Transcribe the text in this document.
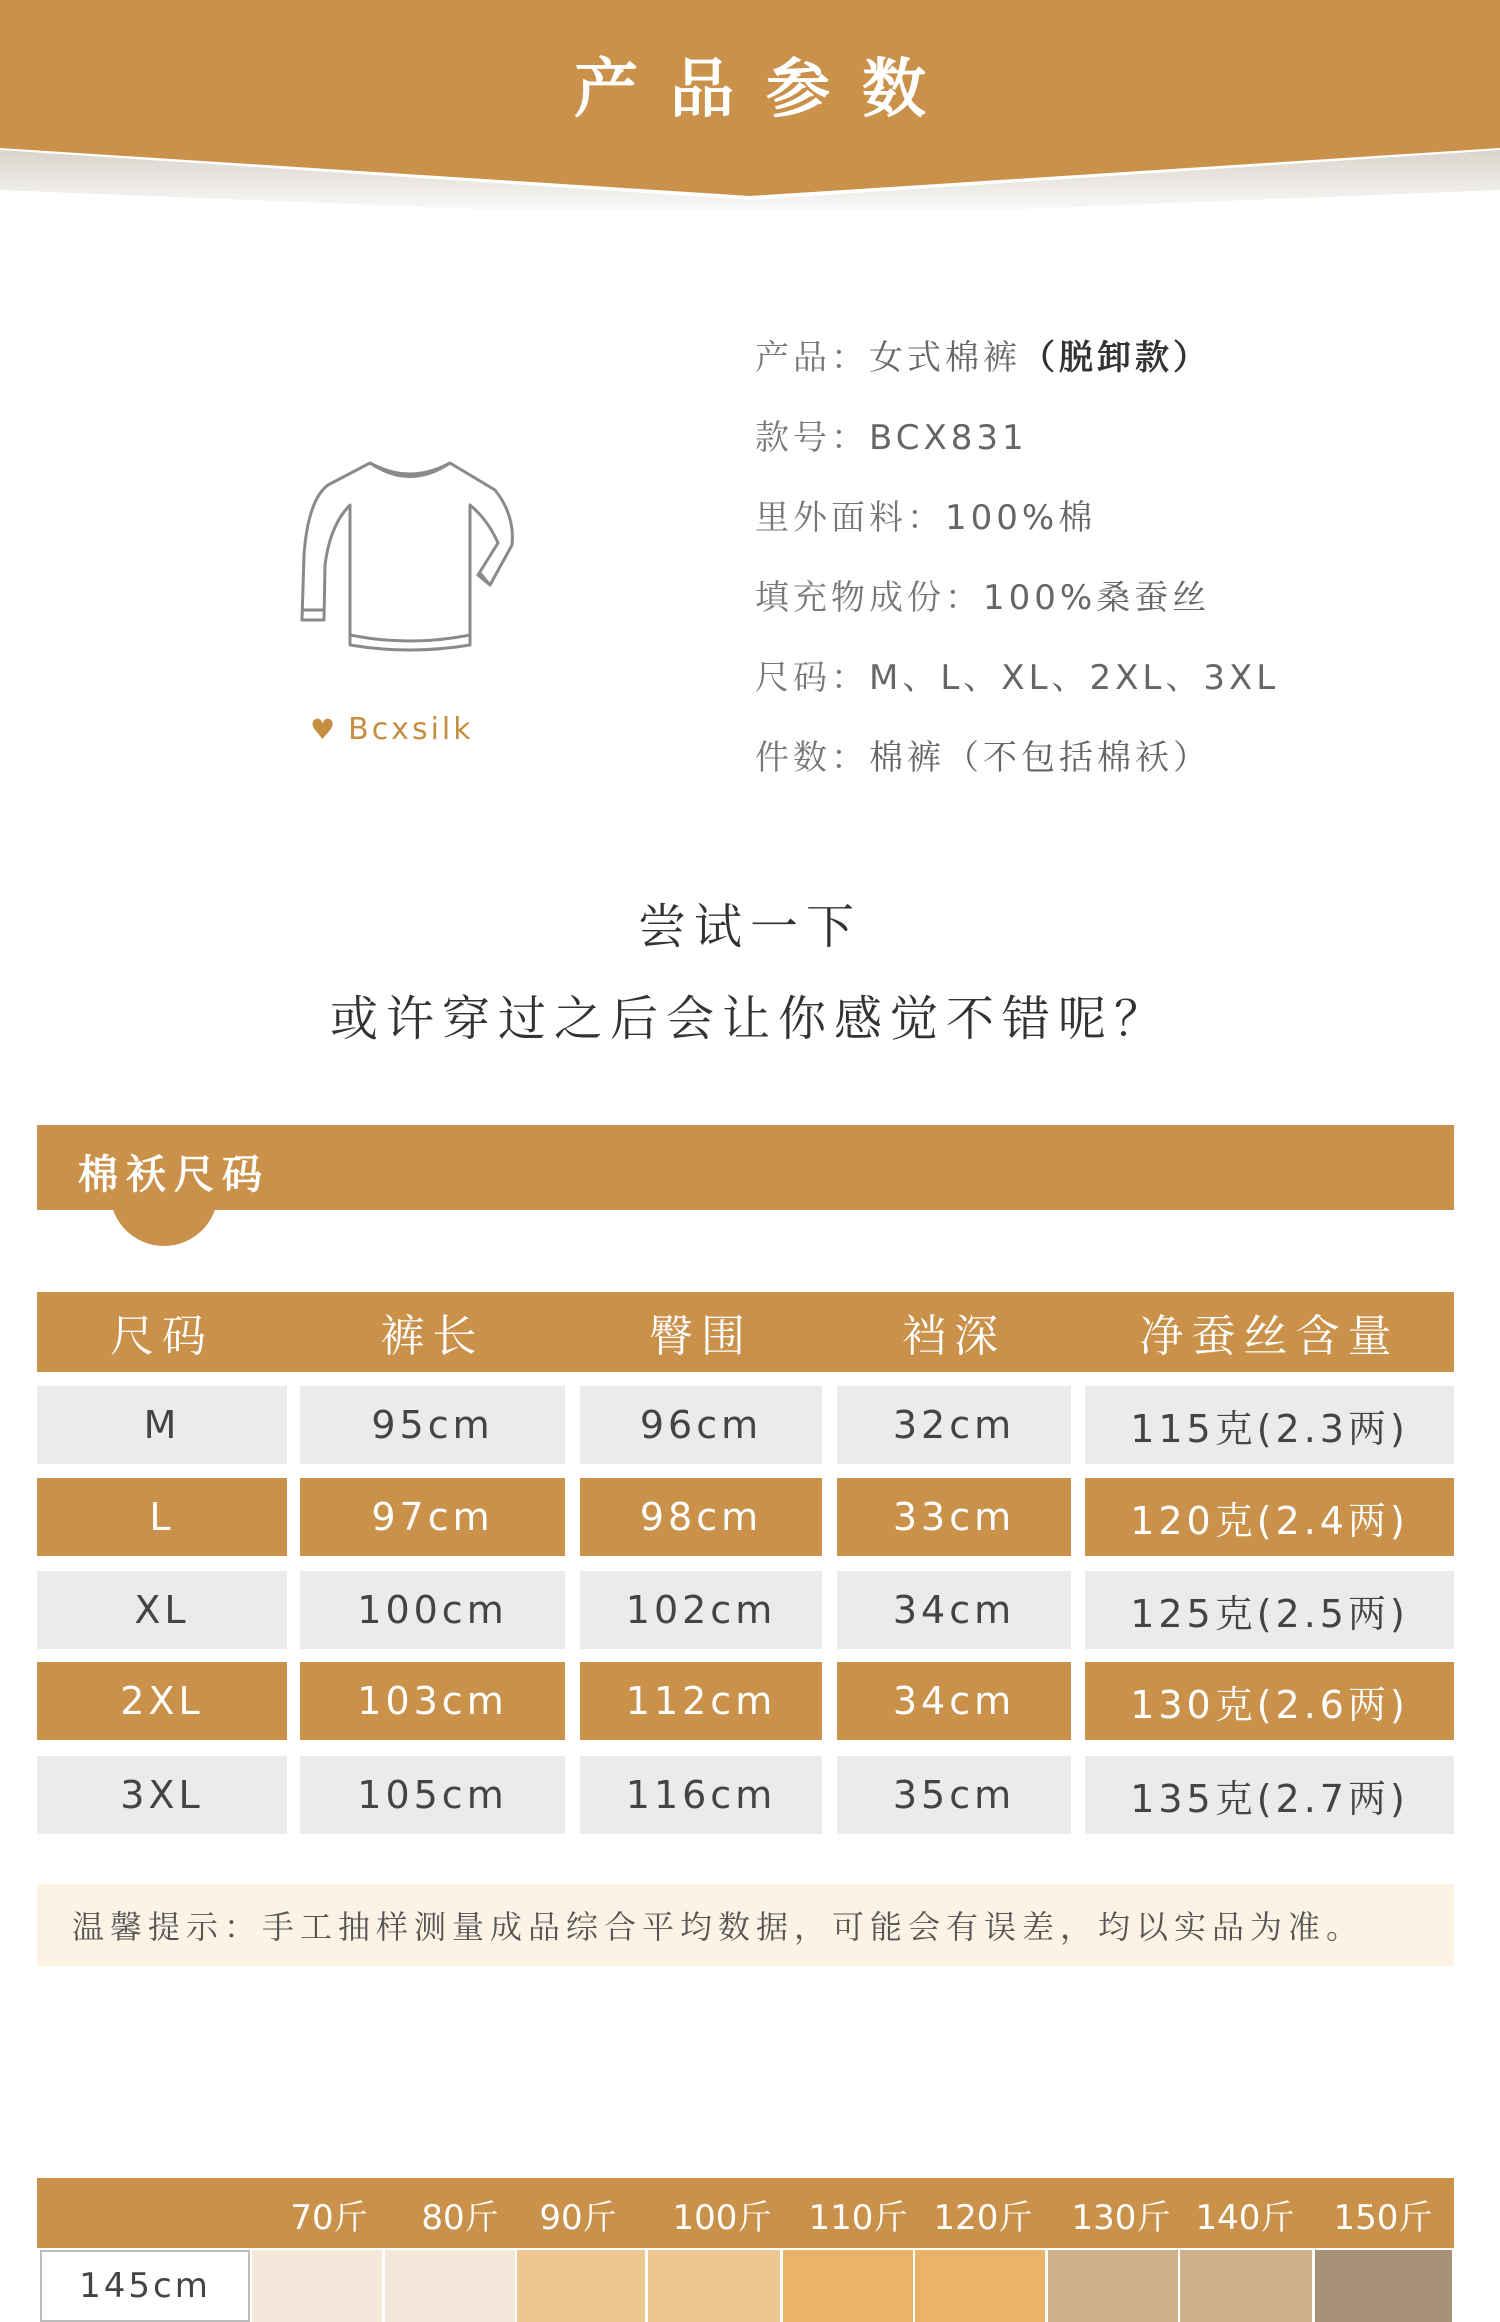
产品参数
♥ Bcxsilk
产品：女式棉裤（脱卸款）
款号：BCX831
里外面料：100%棉
填充物成份：100%桑蚕丝
尺码：M、L、XL、2XL、3XL
件数：棉裤（不包括棉袄）
尝试一下
或许穿过之后会让你感觉不错呢？
棉袄尺码
尺码	裤长	臀围	裆深	净蚕丝含量
M	95cm	96cm	32cm	115克(2.3两)
L	97cm	98cm	33cm	120克(2.4两)
XL	100cm	102cm	34cm	125克(2.5两)
2XL	103cm	112cm	34cm	130克(2.6两)
3XL	105cm	116cm	35cm	135克(2.7两)
温馨提示：手工抽样测量成品综合平均数据，可能会有误差，均以实品为准。
70斤	80斤	90斤	100斤	110斤 120斤	130斤 140斤	150斤
145cm
